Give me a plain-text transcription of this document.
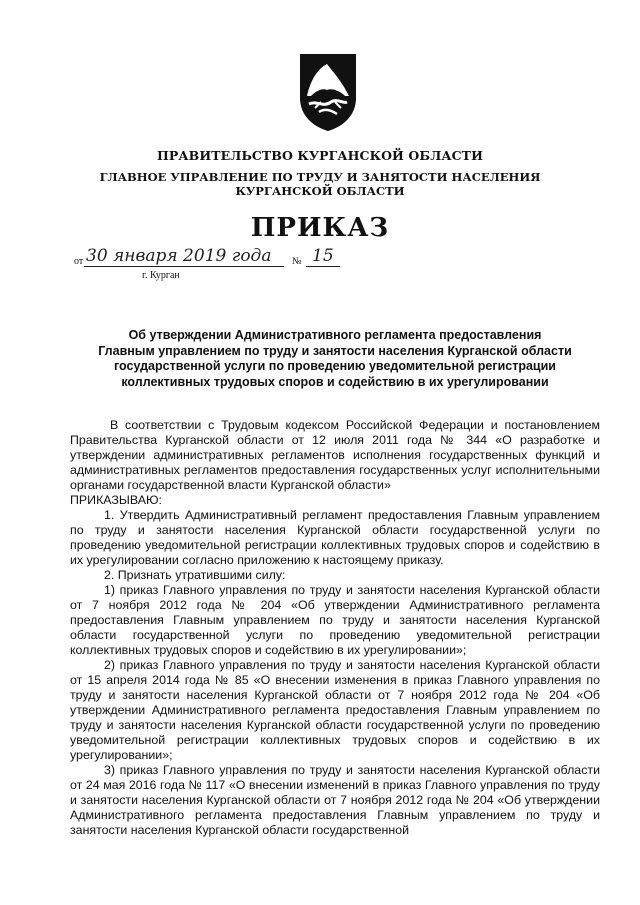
ПРАВИТЕЛЬСТВО КУРГАНСКОЙ ОБЛАСТИ
ГЛАВНОЕ УПРАВЛЕНИЕ ПО ТРУДУ И ЗАНЯТОСТИ НАСЕЛЕНИЯ
КУРГАНСКОЙ ОБЛАСТИ
ПРИКАЗ
от 30 января 2019 года	№ 15
г. Курган
Об утверждении Административного регламента предоставления
Главным управлением по труду и занятости населения Курганской области
государственной услуги по проведению уведомительной регистрации
коллективных трудовых споров и содействию в их урегулировании

В соответствии с Трудовым кодексом Российской Федерации и постановлением Правительства Курганской области от 12 июля 2011 года № 344 «О разработке и утверждении административных регламентов исполнения государственных функций и административных регламентов предоставления государственных услуг исполнительными органами государственной власти Курганской области»

ПРИКАЗЫВАЮ:

1. Утвердить Административный регламент предоставления Главным управлением по труду и занятости населения Курганской области государственной услуги по проведению уведомительной регистрации коллективных трудовых споров и содействию в их урегулировании согласно приложению к настоящему приказу.

2. Признать утратившими силу:

1) приказ Главного управления по труду и занятости населения Курганской области от 7 ноября 2012 года № 204 «Об утверждении Административного регламента предоставления Главным управлением по труду и занятости населения Курганской области государственной услуги по проведению уведомительной регистрации коллективных трудовых споров и содействию в их урегулировании»;

2) приказ Главного управления по труду и занятости населения Курганской области от 15 апреля 2014 года № 85 «О внесении изменения в приказ Главного управления по труду и занятости населения Курганской области от 7 ноября 2012 года № 204 «Об утверждении Административного регламента предоставления Главным управлением по труду и занятости населения Курганской области государственной услуги по проведению уведомительной регистрации коллективных трудовых споров и содействию в их урегулировании»;

3) приказ Главного управления по труду и занятости населения Курганской области от 24 мая 2016 года № 117 «О внесении изменений в приказ Главного управления по труду и занятости населения Курганской области от 7 ноября 2012 года № 204 «Об утверждении Административного регламента предоставления Главным управлением по труду и занятости населения Курганской области государственной
